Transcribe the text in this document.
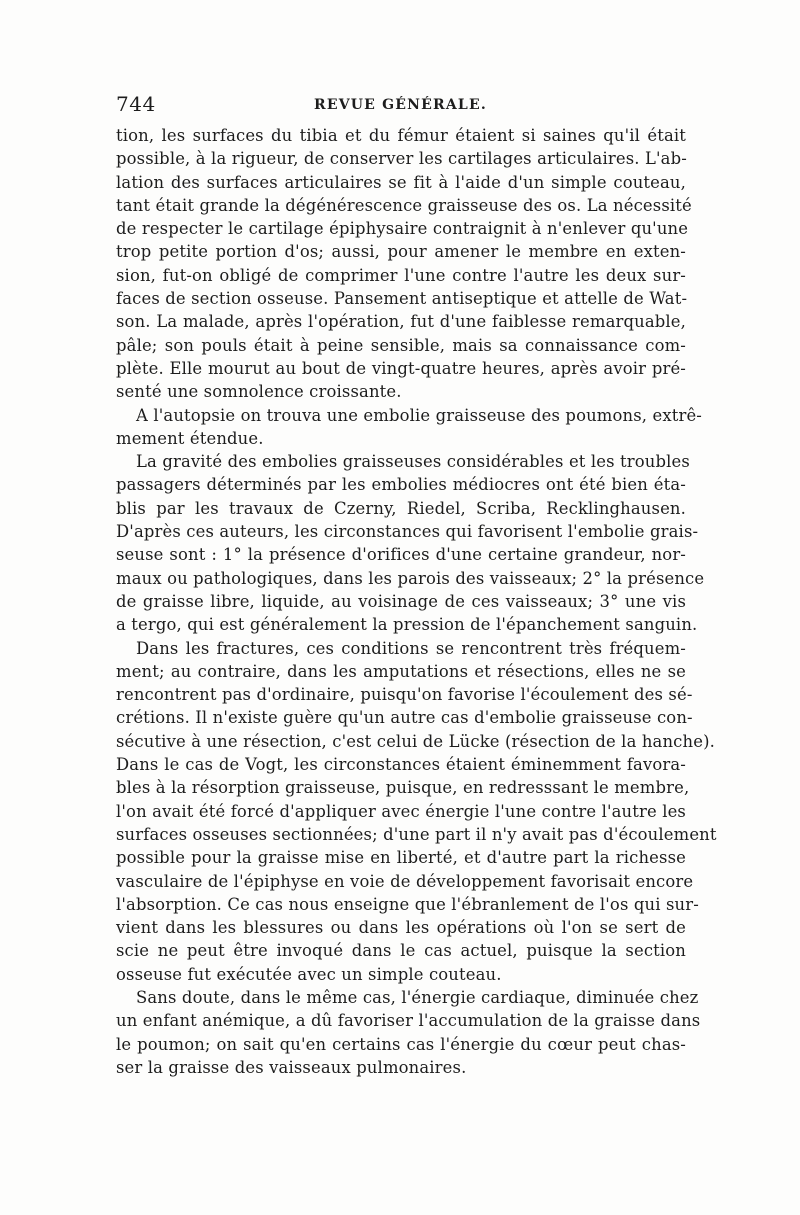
744	REVUE GÉNÉRALE.
tion, les surfaces du tibia et du fémur étaient si saines qu'il était
possible, à la rigueur, de conserver les cartilages articulaires. L'ab-
lation des surfaces articulaires se fit à l'aide d'un simple couteau,
tant était grande la dégénérescence graisseuse des os. La nécessité
de respecter le cartilage épiphysaire contraignit à n'enlever qu'une
trop petite portion d'os; aussi, pour amener le membre en exten-
sion, fut-on obligé de comprimer l'une contre l'autre les deux sur-
faces de section osseuse. Pansement antiseptique et attelle de Wat-
son. La malade, après l'opération, fut d'une faiblesse remarquable,
pâle; son pouls était à peine sensible, mais sa connaissance com-
plète. Elle mourut au bout de vingt-quatre heures, après avoir pré-
senté une somnolence croissante.
A l'autopsie on trouva une embolie graisseuse des poumons, extrê-
mement étendue.
La gravité des embolies graisseuses considérables et les troubles
passagers déterminés par les embolies médiocres ont été bien éta-
blis par les travaux de Czerny, Riedel, Scriba, Recklinghausen.
D'après ces auteurs, les circonstances qui favorisent l'embolie grais-
seuse sont : 1° la présence d'orifices d'une certaine grandeur, nor-
maux ou pathologiques, dans les parois des vaisseaux; 2° la présence
de graisse libre, liquide, au voisinage de ces vaisseaux; 3° une vis
a tergo, qui est généralement la pression de l'épanchement sanguin.
Dans les fractures, ces conditions se rencontrent très fréquem-
ment; au contraire, dans les amputations et résections, elles ne se
rencontrent pas d'ordinaire, puisqu'on favorise l'écoulement des sé-
crétions. Il n'existe guère qu'un autre cas d'embolie graisseuse con-
sécutive à une résection, c'est celui de Lücke (résection de la hanche).
Dans le cas de Vogt, les circonstances étaient éminemment favora-
bles à la résorption graisseuse, puisque, en redresssant le membre,
l'on avait été forcé d'appliquer avec énergie l'une contre l'autre les
surfaces osseuses sectionnées; d'une part il n'y avait pas d'écoulement
possible pour la graisse mise en liberté, et d'autre part la richesse
vasculaire de l'épiphyse en voie de développement favorisait encore
l'absorption. Ce cas nous enseigne que l'ébranlement de l'os qui sur-
vient dans les blessures ou dans les opérations où l'on se sert de
scie ne peut être invoqué dans le cas actuel, puisque la section
osseuse fut exécutée avec un simple couteau.
Sans doute, dans le même cas, l'énergie cardiaque, diminuée chez
un enfant anémique, a dû favoriser l'accumulation de la graisse dans
le poumon; on sait qu'en certains cas l'énergie du cœur peut chas-
ser la graisse des vaisseaux pulmonaires.
